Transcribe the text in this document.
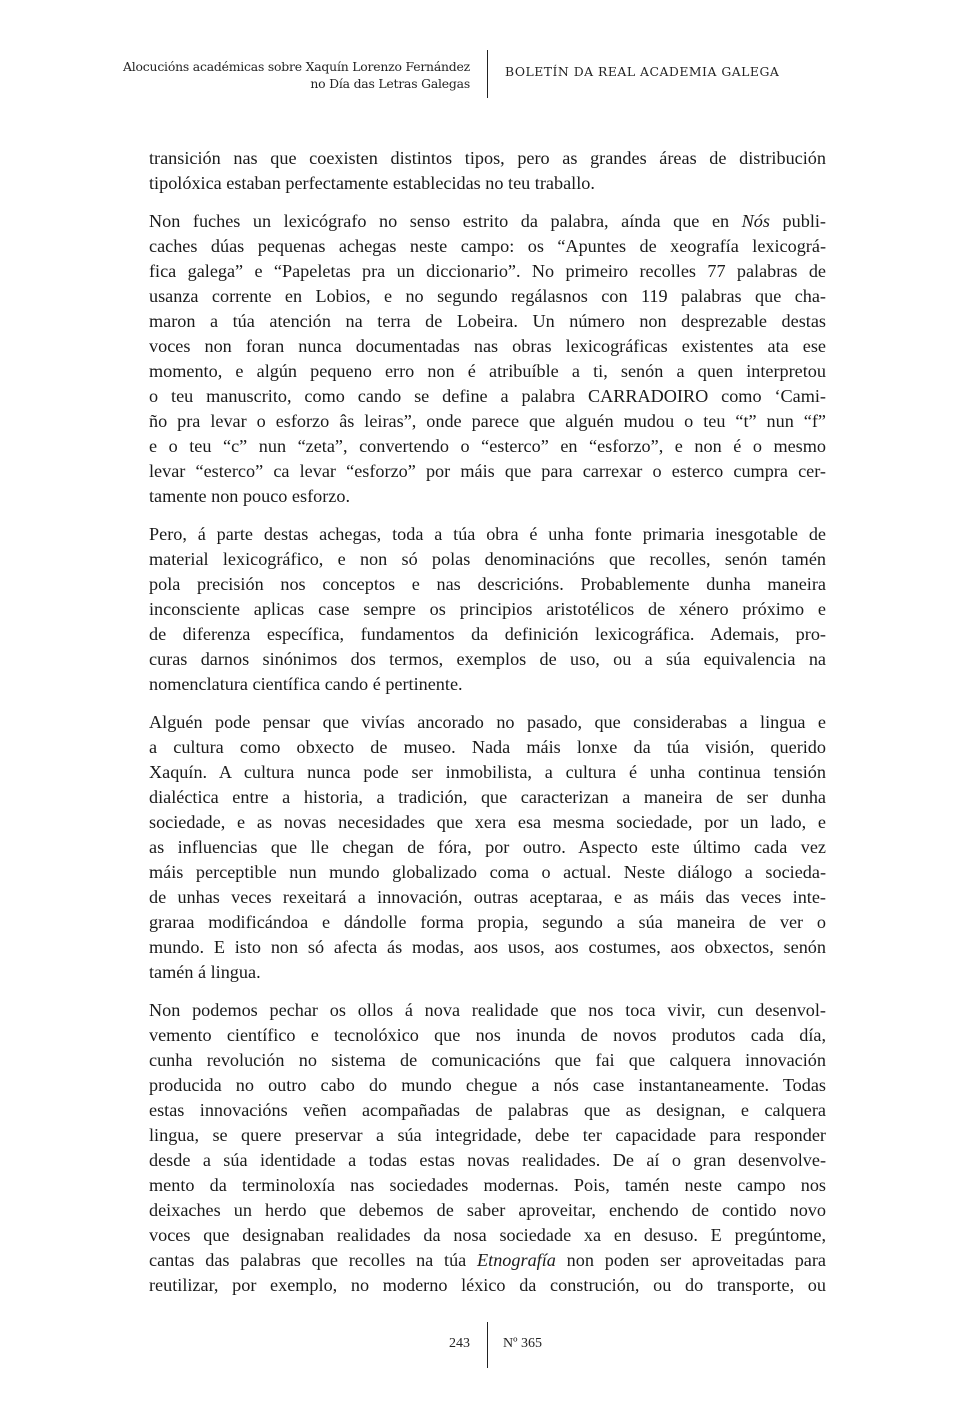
Alocucións académicas sobre Xaquín Lorenzo Fernández
no Día das Letras Galegas
BOLETÍN DA REAL ACADEMIA GALEGA
transición nas que coexisten distintos tipos, pero as grandes áreas de distribución
tipolóxica estaban perfectamente establecidas no teu traballo.
Non fuches un lexicógrafo no senso estrito da palabra, aínda que en Nós publi-
caches dúas pequenas achegas neste campo: os “Apuntes de xeografía lexicográ-
fica galega” e “Papeletas pra un diccionario”. No primeiro recolles 77 palabras de
usanza corrente en Lobios, e no segundo regálasnos con 119 palabras que cha-
maron a túa atención na terra de Lobeira. Un número non desprezable destas
voces non foran nunca documentadas nas obras lexicográficas existentes ata ese
momento, e algún pequeno erro non é atribuíble a ti, senón a quen interpretou
o teu manuscrito, como cando se define a palabra CARRADOIRO como ‘Cami-
ño pra levar o esforzo âs leiras”, onde parece que alguén mudou o teu “t” nun “f”
e o teu “c” nun “zeta”, convertendo o “esterco” en “esforzo”, e non é o mesmo
levar “esterco” ca levar “esforzo” por máis que para carrexar o esterco cumpra cer-
tamente non pouco esforzo.
Pero, á parte destas achegas, toda a túa obra é unha fonte primaria inesgotable de
material lexicográfico, e non só polas denominacións que recolles, senón tamén
pola precisión nos conceptos e nas descricións. Probablemente dunha maneira
inconsciente aplicas case sempre os principios aristotélicos de xénero próximo e
de diferenza específica, fundamentos da definición lexicográfica. Ademais, pro-
curas darnos sinónimos dos termos, exemplos de uso, ou a súa equivalencia na
nomenclatura científica cando é pertinente.
Alguén pode pensar que vivías ancorado no pasado, que considerabas a lingua e
a cultura como obxecto de museo. Nada máis lonxe da túa visión, querido
Xaquín. A cultura nunca pode ser inmobilista, a cultura é unha continua tensión
dialéctica entre a historia, a tradición, que caracterizan a maneira de ser dunha
sociedade, e as novas necesidades que xera esa mesma sociedade, por un lado, e
as influencias que lle chegan de fóra, por outro. Aspecto este último cada vez
máis perceptible nun mundo globalizado coma o actual. Neste diálogo a socieda-
de unhas veces rexeitará a innovación, outras aceptaraa, e as máis das veces inte-
graraa modificándoa e dándolle forma propia, segundo a súa maneira de ver o
mundo. E isto non só afecta ás modas, aos usos, aos costumes, aos obxectos, senón
tamén á lingua.
Non podemos pechar os ollos á nova realidade que nos toca vivir, cun desenvol-
vemento científico e tecnolóxico que nos inunda de novos produtos cada día,
cunha revolución no sistema de comunicacións que fai que calquera innovación
producida no outro cabo do mundo chegue a nós case instantaneamente. Todas
estas innovacións veñen acompañadas de palabras que as designan, e calquera
lingua, se quere preservar a súa integridade, debe ter capacidade para responder
desde a súa identidade a todas estas novas realidades. De aí o gran desenvolve-
mento da terminoloxía nas sociedades modernas. Pois, tamén neste campo nos
deixaches un herdo que debemos de saber aproveitar, enchendo de contido novo
voces que designaban realidades da nosa sociedade xa en desuso. E pregúntome,
cantas das palabras que recolles na túa Etnografía non poden ser aproveitadas para
reutilizar, por exemplo, no moderno léxico da construción, ou do transporte, ou
243 Nº 365
